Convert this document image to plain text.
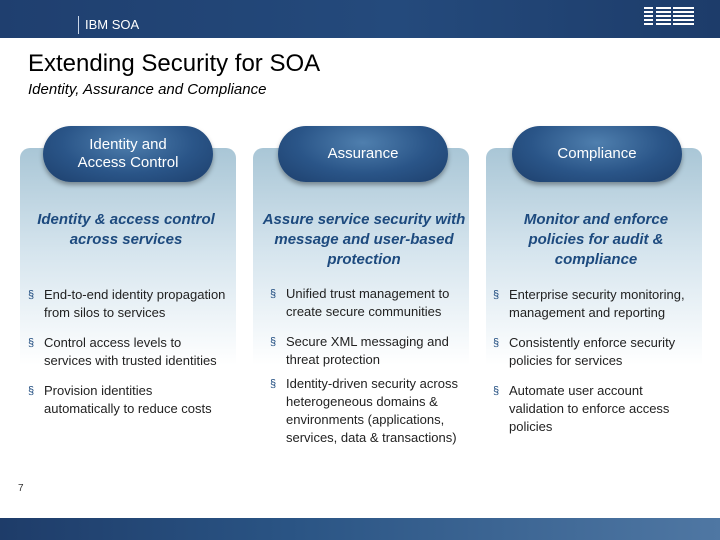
IBM SOA
Extending Security for SOA
Identity, Assurance and Compliance
Identity and Access Control
Assurance	Compliance
Identity & access control across services
Assure service security with message and user-based protection
Monitor and enforce policies for audit & compliance
§ End-to-end identity propagation from silos to services
§ Control access levels to services with trusted identities
§ Provision identities automatically to reduce costs
§ Unified trust management to create secure communities
§ Secure XML messaging and threat protection
§ Identity-driven security across heterogeneous domains & environments (applications, services, data & transactions)
§ Enterprise security monitoring, management and reporting
§ Consistently enforce security policies for services
§ Automate user account validation to enforce access policies
7
